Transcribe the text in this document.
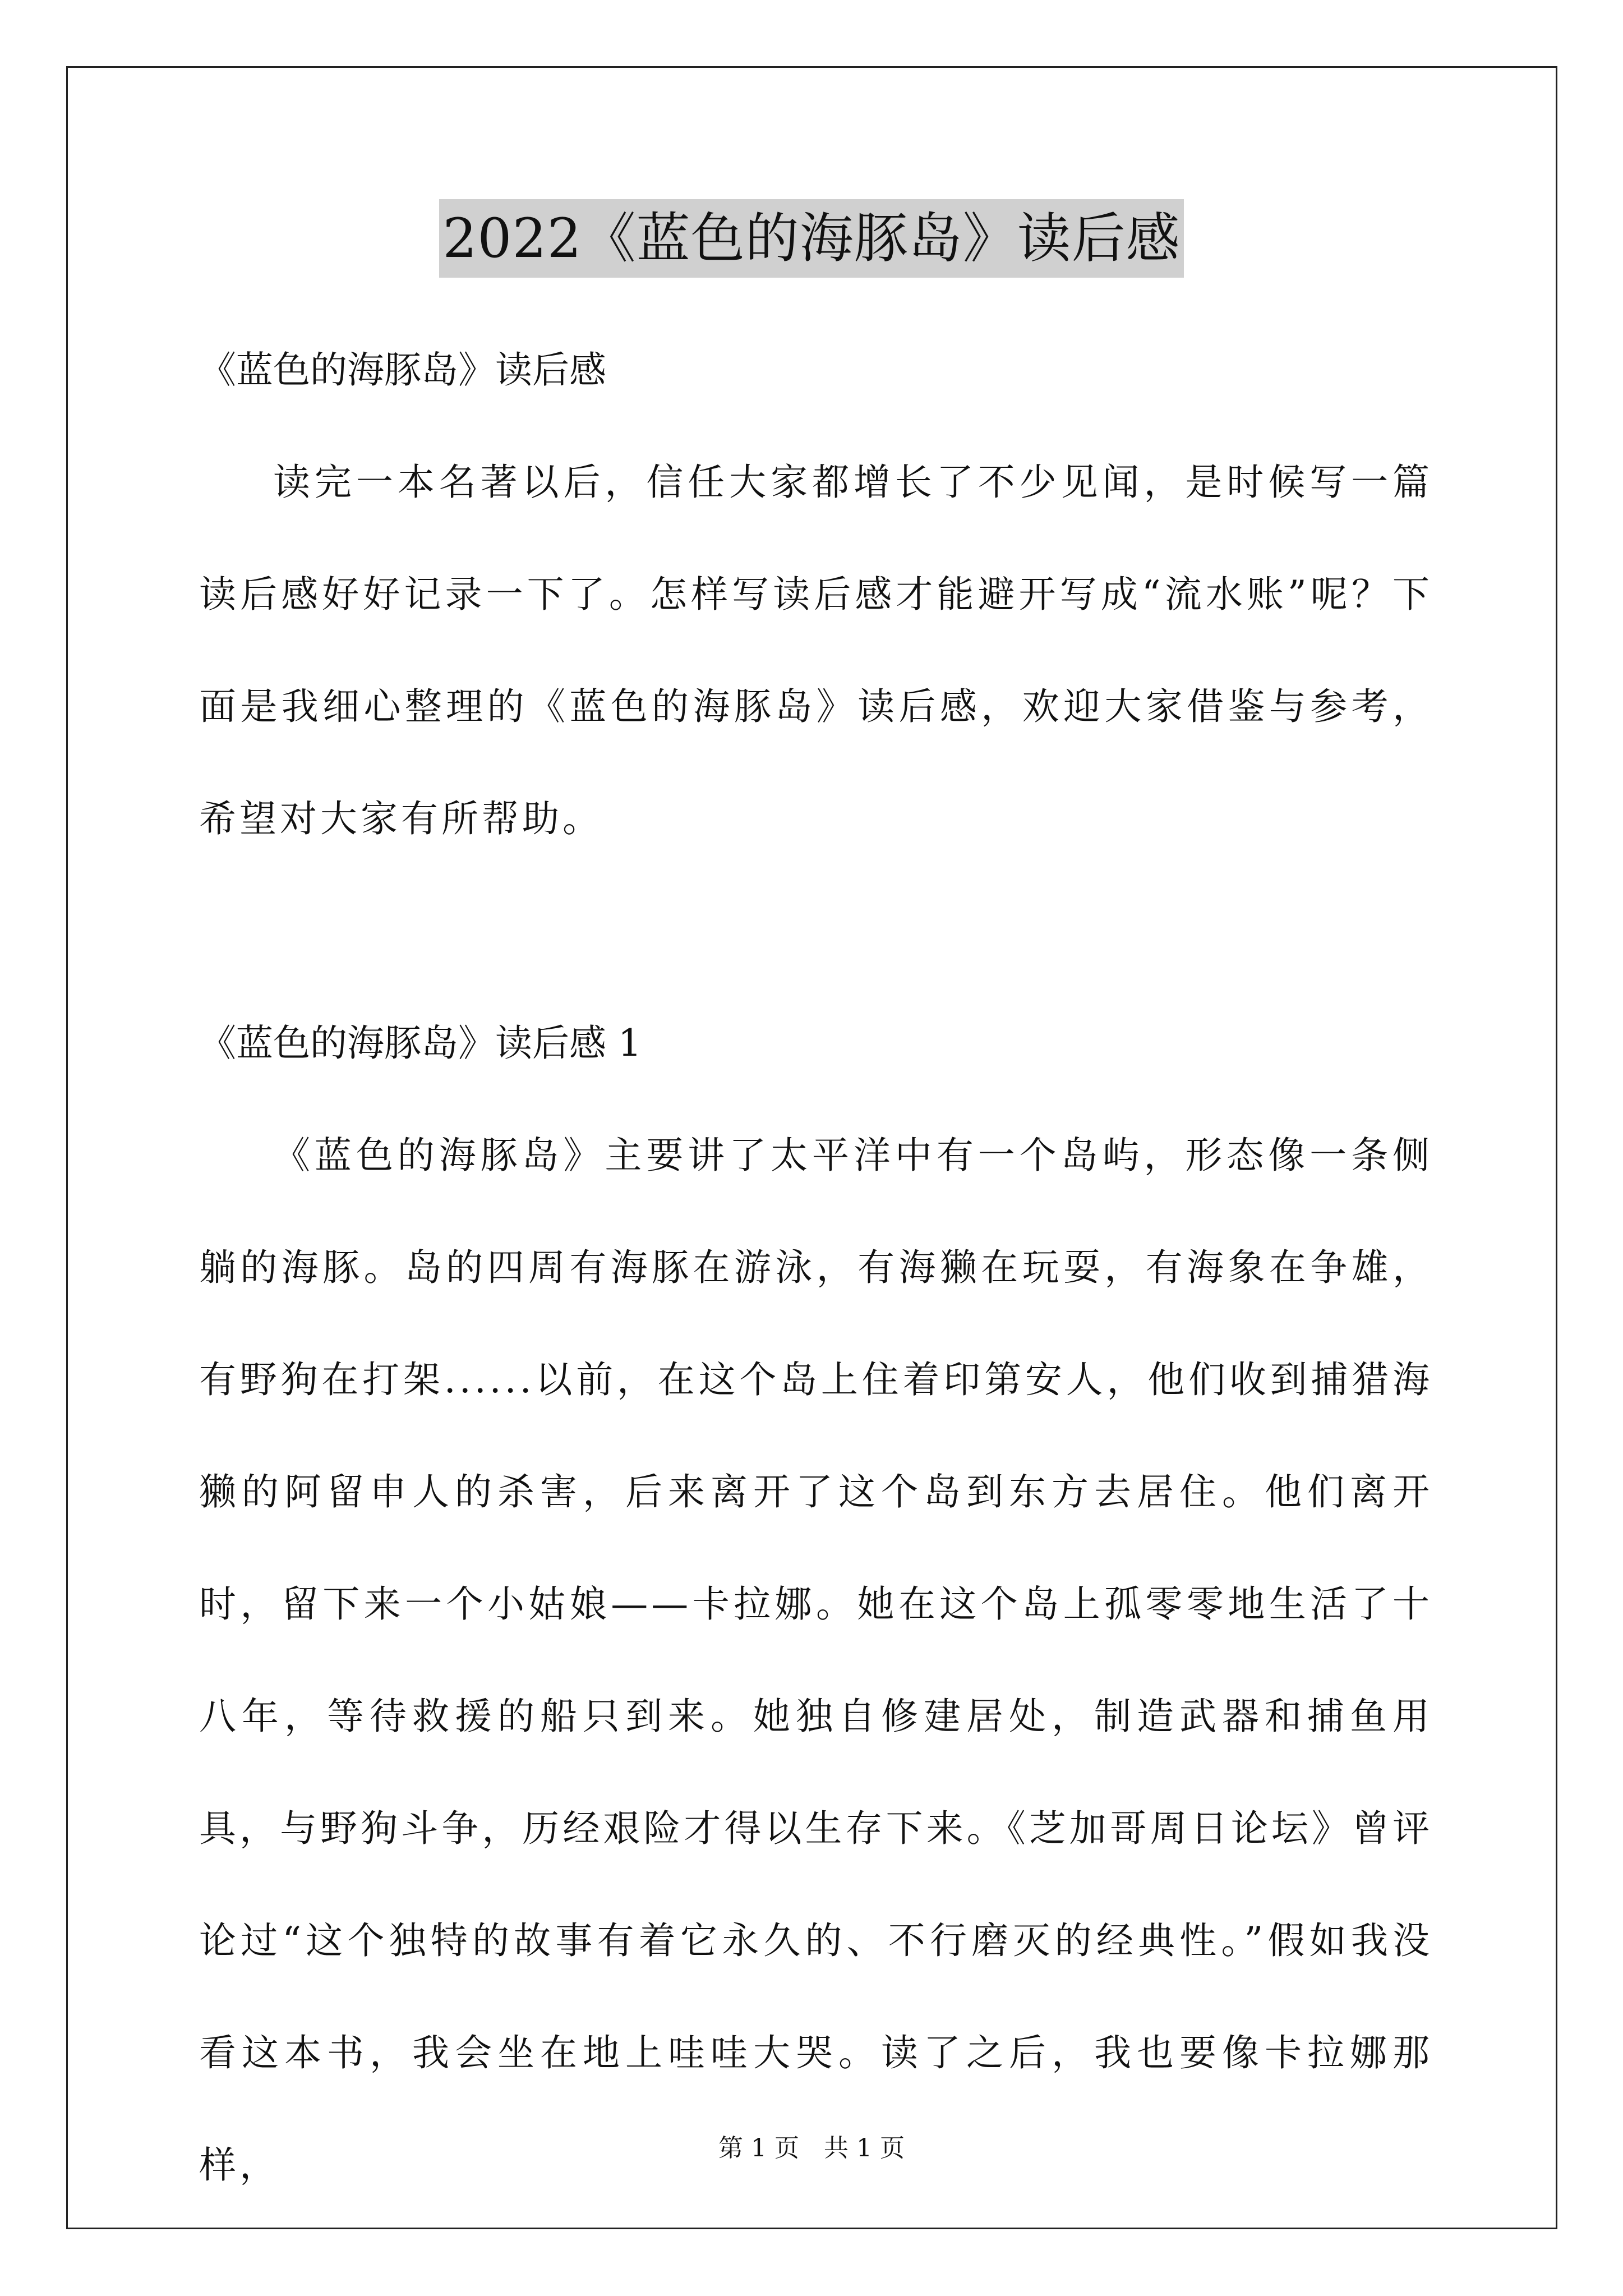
2022《蓝色的海豚岛》读后感

《蓝色的海豚岛》读后感

读完一本名著以后，信任大家都增长了不少见闻，是时候写一篇读后感好好记录一下了。怎样写读后感才能避开写成“流水账”呢？下面是我细心整理的《蓝色的海豚岛》读后感，欢迎大家借鉴与参考，希望对大家有所帮助。

《蓝色的海豚岛》读后感 1

《蓝色的海豚岛》主要讲了太平洋中有一个岛屿，形态像一条侧躺的海豚。岛的四周有海豚在游泳，有海獭在玩耍，有海象在争雄，有野狗在打架......以前，在这个岛上住着印第安人，他们收到捕猎海獭的阿留申人的杀害，后来离开了这个岛到东方去居住。他们离开时，留下来一个小姑娘——卡拉娜。她在这个岛上孤零零地生活了十八年，等待救援的船只到来。她独自修建居处，制造武器和捕鱼用具，与野狗斗争，历经艰险才得以生存下来。《芝加哥周日论坛》曾评论过“这个独特的故事有着它永久的、不行磨灭的经典性。”假如我没看这本书，我会坐在地上哇哇大哭。读了之后，我也要像卡拉娜那样，	第 1 页　共 1 页
